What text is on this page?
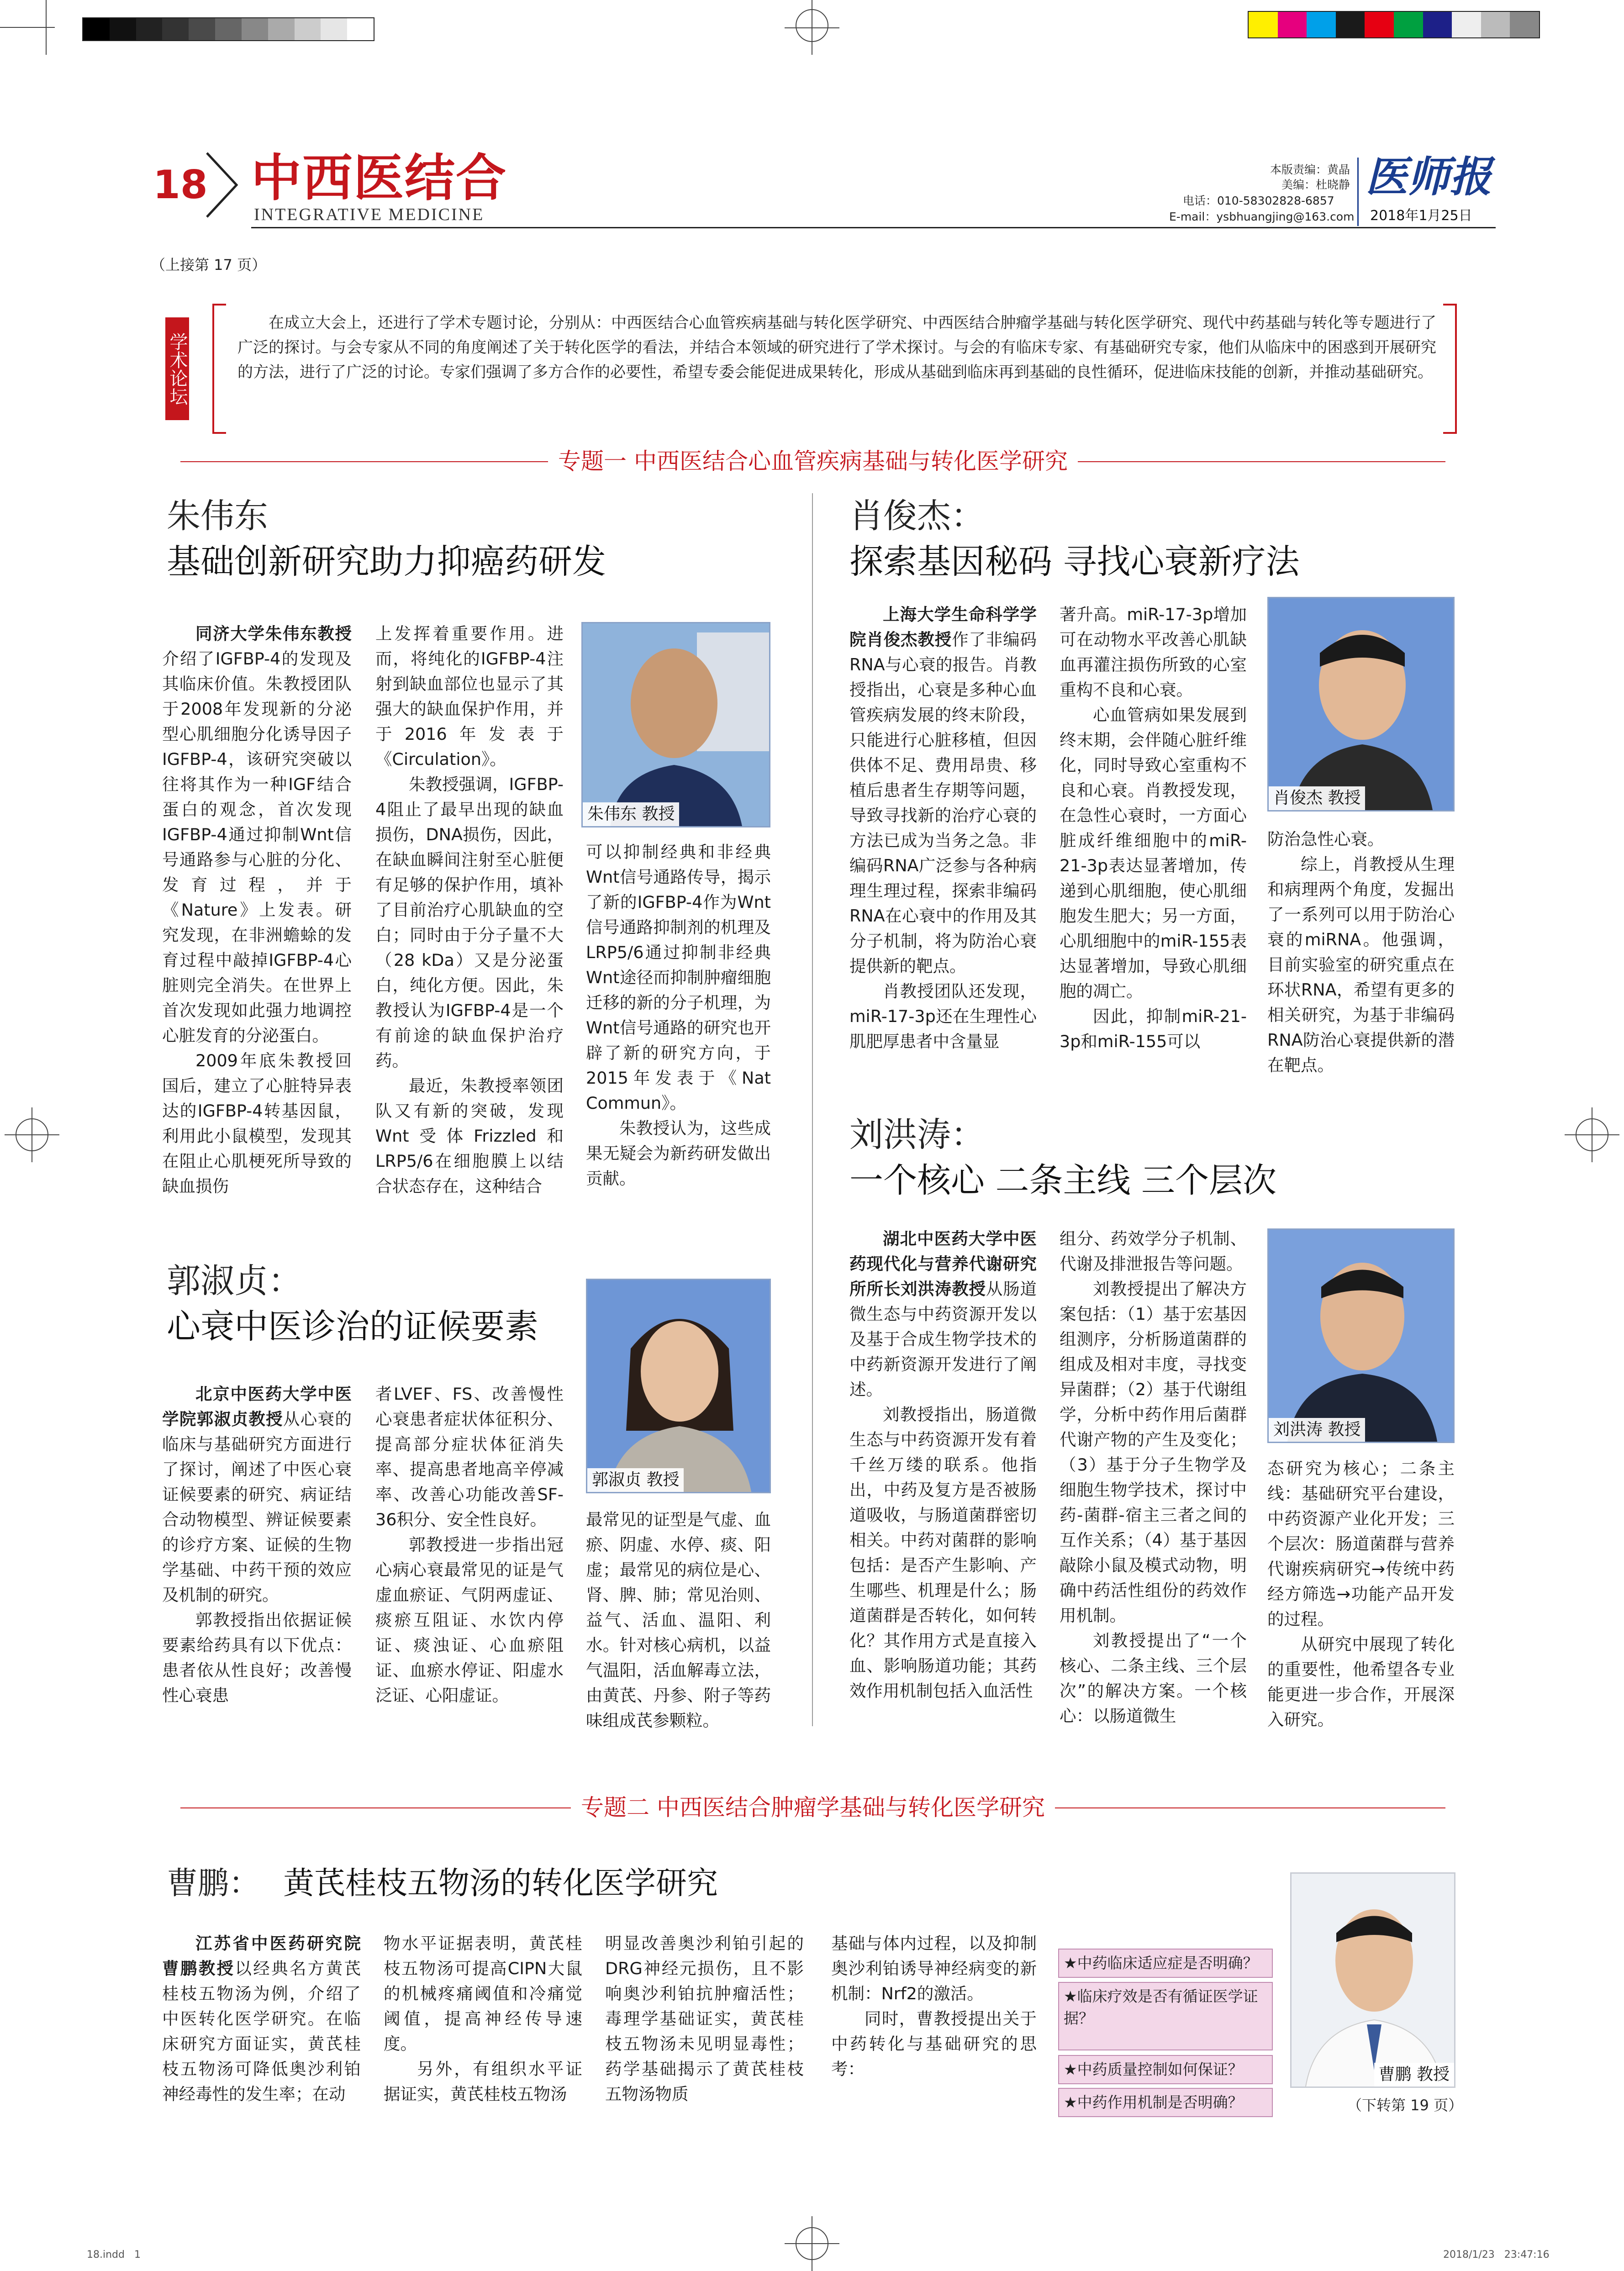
18 中西医结合
INTEGRATIVE MEDICINE
本版责编：黄晶
美编：杜晓静
电话：010-58302828-6857
E-mail：ysbhuangjing@163.com
医师报
2018年1月25日
（上接第 17 页）
学术论坛
在成立大会上，还进行了学术专题讨论，分别从：中西医结合心血管疾病基础与转化医学研究、中西医结合肿瘤学基础与转化医学研究、现代中药基础与转化等专题进行了广泛的探讨。与会专家从不同的角度阐述了关于转化医学的看法，并结合本领域的研究进行了学术探讨。与会的有临床专家、有基础研究专家，他们从临床中的困惑到开展研究的方法，进行了广泛的讨论。专家们强调了多方合作的必要性，希望专委会能促进成果转化，形成从基础到临床再到基础的良性循环，促进临床技能的创新，并推动基础研究。
专题一 中西医结合心血管疾病基础与转化医学研究
朱伟东
基础创新研究助力抑癌药研发

同济大学朱伟东教授介绍了IGFBP-4的发现及其临床价值。朱教授团队于2008年发现新的分泌型心肌细胞分化诱导因子IGFBP-4，该研究突破以往将其作为一种IGF结合蛋白的观念，首次发现IGFBP-4通过抑制Wnt信号通路参与心脏的分化、发育过程，并于《Nature》上发表。研究发现，在非洲蟾蜍的发育过程中敲掉IGFBP-4心脏则完全消失。在世界上首次发现如此强力地调控心脏发育的分泌蛋白。

2009年底朱教授回国后，建立了心脏特异表达的IGFBP-4转基因鼠，利用此小鼠模型，发现其在阻止心肌梗死所导致的缺血损伤

上发挥着重要作用。进而，将纯化的IGFBP-4注射到缺血部位也显示了其强大的缺血保护作用，并于2016年发表于《Circulation》。

朱教授强调，IGFBP-4阻止了最早出现的缺血损伤，DNA损伤，因此，在缺血瞬间注射至心脏便有足够的保护作用，填补了目前治疗心肌缺血的空白；同时由于分子量不大（28 kDa）又是分泌蛋白，纯化方便。因此，朱教授认为IGFBP-4是一个有前途的缺血保护治疗药。

最近，朱教授率领团队又有新的突破，发现Wnt受体Frizzled和LRP5/6在细胞膜上以结合状态存在，这种结合

朱伟东 教授

可以抑制经典和非经典Wnt信号通路传导，揭示了新的IGFBP-4作为Wnt信号通路抑制剂的机理及LRP5/6通过抑制非经典Wnt途径而抑制肿瘤细胞迁移的新的分子机理，为Wnt信号通路的研究也开辟了新的研究方向，于2015年发表于《Nat Commun》。

朱教授认为，这些成果无疑会为新药研发做出贡献。

肖俊杰：
探索基因秘码 寻找心衰新疗法

上海大学生命科学学院肖俊杰教授作了非编码RNA与心衰的报告。肖教授指出，心衰是多种心血管疾病发展的终末阶段，只能进行心脏移植，但因供体不足、费用昂贵、移植后患者生存期等问题，导致寻找新的治疗心衰的方法已成为当务之急。非编码RNA广泛参与各种病理生理过程，探索非编码RNA在心衰中的作用及其分子机制，将为防治心衰提供新的靶点。

肖教授团队还发现，miR-17-3p还在生理性心肌肥厚患者中含量显

著升高。miR-17-3p增加可在动物水平改善心肌缺血再灌注损伤所致的心室重构不良和心衰。

心血管病如果发展到终末期，会伴随心脏纤维化，同时导致心室重构不良和心衰。肖教授发现，在急性心衰时，一方面心脏成纤维细胞中的miR-21-3p表达显著增加，传递到心肌细胞，使心肌细胞发生肥大；另一方面，心肌细胞中的miR-155表达显著增加，导致心肌细胞的凋亡。

因此，抑制miR-21-3p和miR-155可以

肖俊杰 教授

防治急性心衰。

综上，肖教授从生理和病理两个角度，发掘出了一系列可以用于防治心衰的miRNA。他强调，目前实验室的研究重点在环状RNA，希望有更多的相关研究，为基于非编码RNA防治心衰提供新的潜在靶点。

刘洪涛：
一个核心 二条主线 三个层次

湖北中医药大学中医药现代化与营养代谢研究所所长刘洪涛教授从肠道微生态与中药资源开发以及基于合成生物学技术的中药新资源开发进行了阐述。

刘教授指出，肠道微生态与中药资源开发有着千丝万缕的联系。他指出，中药及复方是否被肠道吸收，与肠道菌群密切相关。中药对菌群的影响包括：是否产生影响、产生哪些、机理是什么；肠道菌群是否转化，如何转化？其作用方式是直接入血、影响肠道功能；其药效作用机制包括入血活性

组分、药效学分子机制、代谢及排泄报告等问题。

刘教授提出了解决方案包括：（1）基于宏基因组测序，分析肠道菌群的组成及相对丰度，寻找变异菌群；（2）基于代谢组学，分析中药作用后菌群代谢产物的产生及变化；（3）基于分子生物学及细胞生物学技术，探讨中药-菌群-宿主三者之间的互作关系；（4）基于基因敲除小鼠及模式动物，明确中药活性组份的药效作用机制。

刘教授提出了“一个核心、二条主线、三个层次”的解决方案。一个核心：以肠道微生

刘洪涛 教授

态研究为核心；二条主线：基础研究平台建设，中药资源产业化开发；三个层次：肠道菌群与营养代谢疾病研究→传统中药经方筛选→功能产品开发的过程。

从研究中展现了转化的重要性，他希望各专业能更进一步合作，开展深入研究。

郭淑贞：
心衰中医诊治的证候要素

北京中医药大学中医学院郭淑贞教授从心衰的临床与基础研究方面进行了探讨，阐述了中医心衰证候要素的研究、病证结合动物模型、辨证候要素的诊疗方案、证候的生物学基础、中药干预的效应及机制的研究。

郭教授指出依据证候要素给药具有以下优点：患者依从性良好；改善慢性心衰患

者LVEF、FS、改善慢性心衰患者症状体征积分、提高部分症状体征消失率、提高患者地高辛停减率、改善心功能改善SF-36积分、安全性良好。

郭教授进一步指出冠心病心衰最常见的证是气虚血瘀证、气阴两虚证、痰瘀互阻证、水饮内停证、痰浊证、心血瘀阻证、血瘀水停证、阳虚水泛证、心阳虚证。

郭淑贞 教授

最常见的证型是气虚、血瘀、阴虚、水停、痰、阳虚；最常见的病位是心、肾、脾、肺；常见治则、益气、活血、温阳、利水。针对核心病机，以益气温阳，活血解毒立法，由黄芪、丹参、附子等药味组成芪参颗粒。

专题二 中西医结合肿瘤学基础与转化医学研究
曹鹏： 黄芪桂枝五物汤的转化医学研究

江苏省中医药研究院曹鹏教授以经典名方黄芪桂枝五物汤为例，介绍了中医转化医学研究。在临床研究方面证实，黄芪桂枝五物汤可降低奥沙利铂神经毒性的发生率；在动

物水平证据表明，黄芪桂枝五物汤可提高CIPN大鼠的机械疼痛阈值和冷痛觉阈值，提高神经传导速度。

另外，有组织水平证据证实，黄芪桂枝五物汤

明显改善奥沙利铂引起的DRG神经元损伤，且不影响奥沙利铂抗肿瘤活性；毒理学基础证实，黄芪桂枝五物汤未见明显毒性；药学基础揭示了黄芪桂枝五物汤物质

基础与体内过程，以及抑制奥沙利铂诱导神经病变的新机制：Nrf2的激活。

同时，曹教授提出关于中药转化与基础研究的思考：

★中药临床适应症是否明确？
★临床疗效是否有循证医学证据？
★中药质量控制如何保证？
★中药作用机制是否明确？
曹鹏 教授
（下转第 19 页）
18.indd   1	2018/1/23   23:47:16
